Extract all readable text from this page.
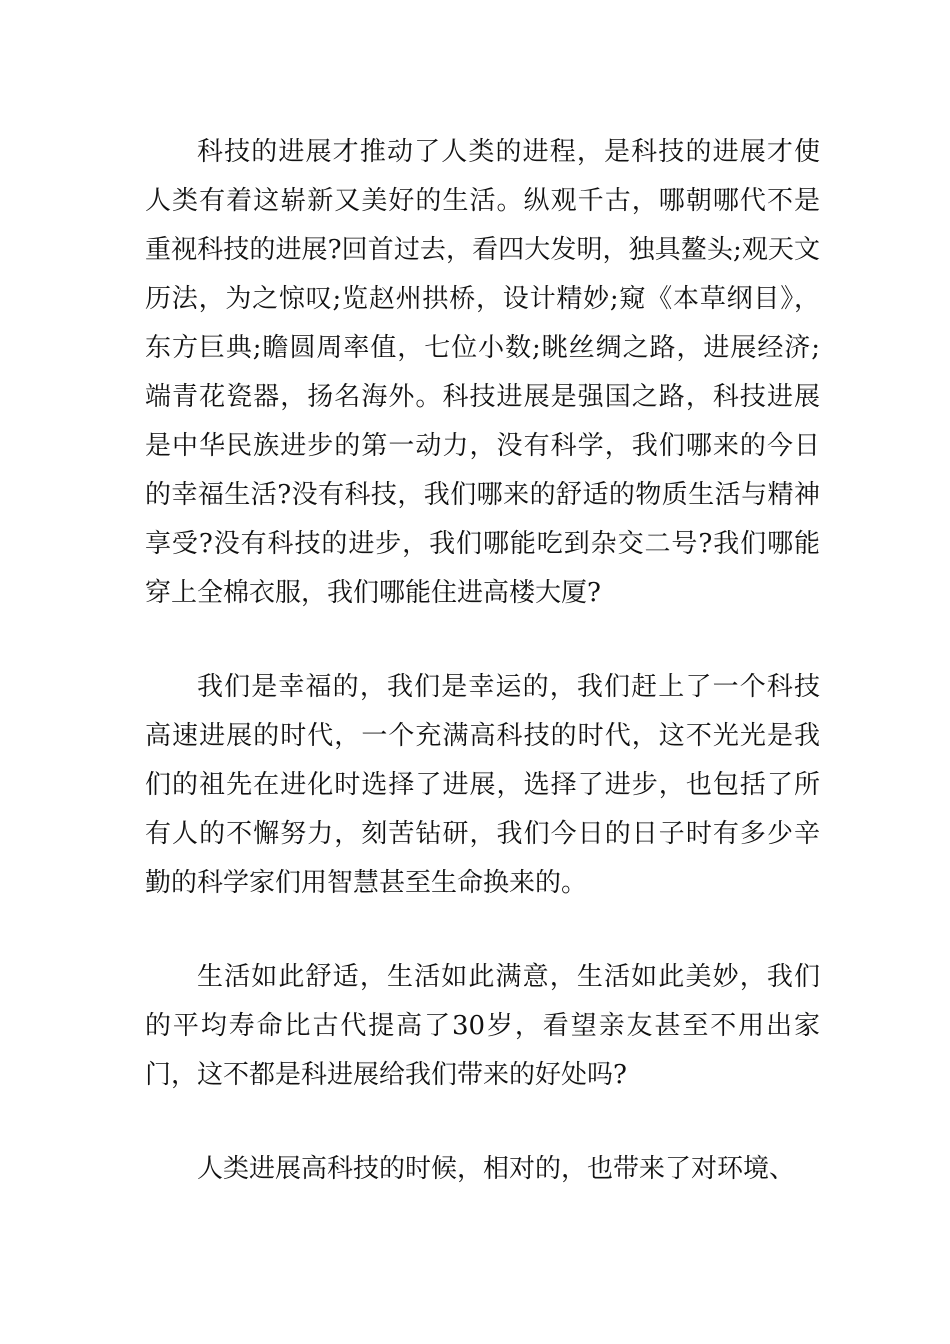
科技的进展才推动了人类的进程，是科技的进展才使人类有着这崭新又美好的生活。纵观千古，哪朝哪代不是重视科技的进展?回首过去，看四大发明，独具鳌头;观天文历法，为之惊叹;览赵州拱桥，设计精妙;窥《本草纲目》，东方巨典;瞻圆周率值，七位小数;眺丝绸之路，进展经济;端青花瓷器，扬名海外。科技进展是强国之路，科技进展是中华民族进步的第一动力，没有科学，我们哪来的今日的幸福生活?没有科技，我们哪来的舒适的物质生活与精神享受?没有科技的进步，我们哪能吃到杂交二号?我们哪能穿上全棉衣服，我们哪能住进高楼大厦?

我们是幸福的，我们是幸运的，我们赶上了一个科技高速进展的时代，一个充满高科技的时代，这不光光是我们的祖先在进化时选择了进展，选择了进步，也包括了所有人的不懈努力，刻苦钻研，我们今日的日子时有多少辛勤的科学家们用智慧甚至生命换来的。

生活如此舒适，生活如此满意，生活如此美妙，我们的平均寿命比古代提高了30岁，看望亲友甚至不用出家门，这不都是科进展给我们带来的好处吗?

人类进展高科技的时候，相对的，也带来了对环境、
